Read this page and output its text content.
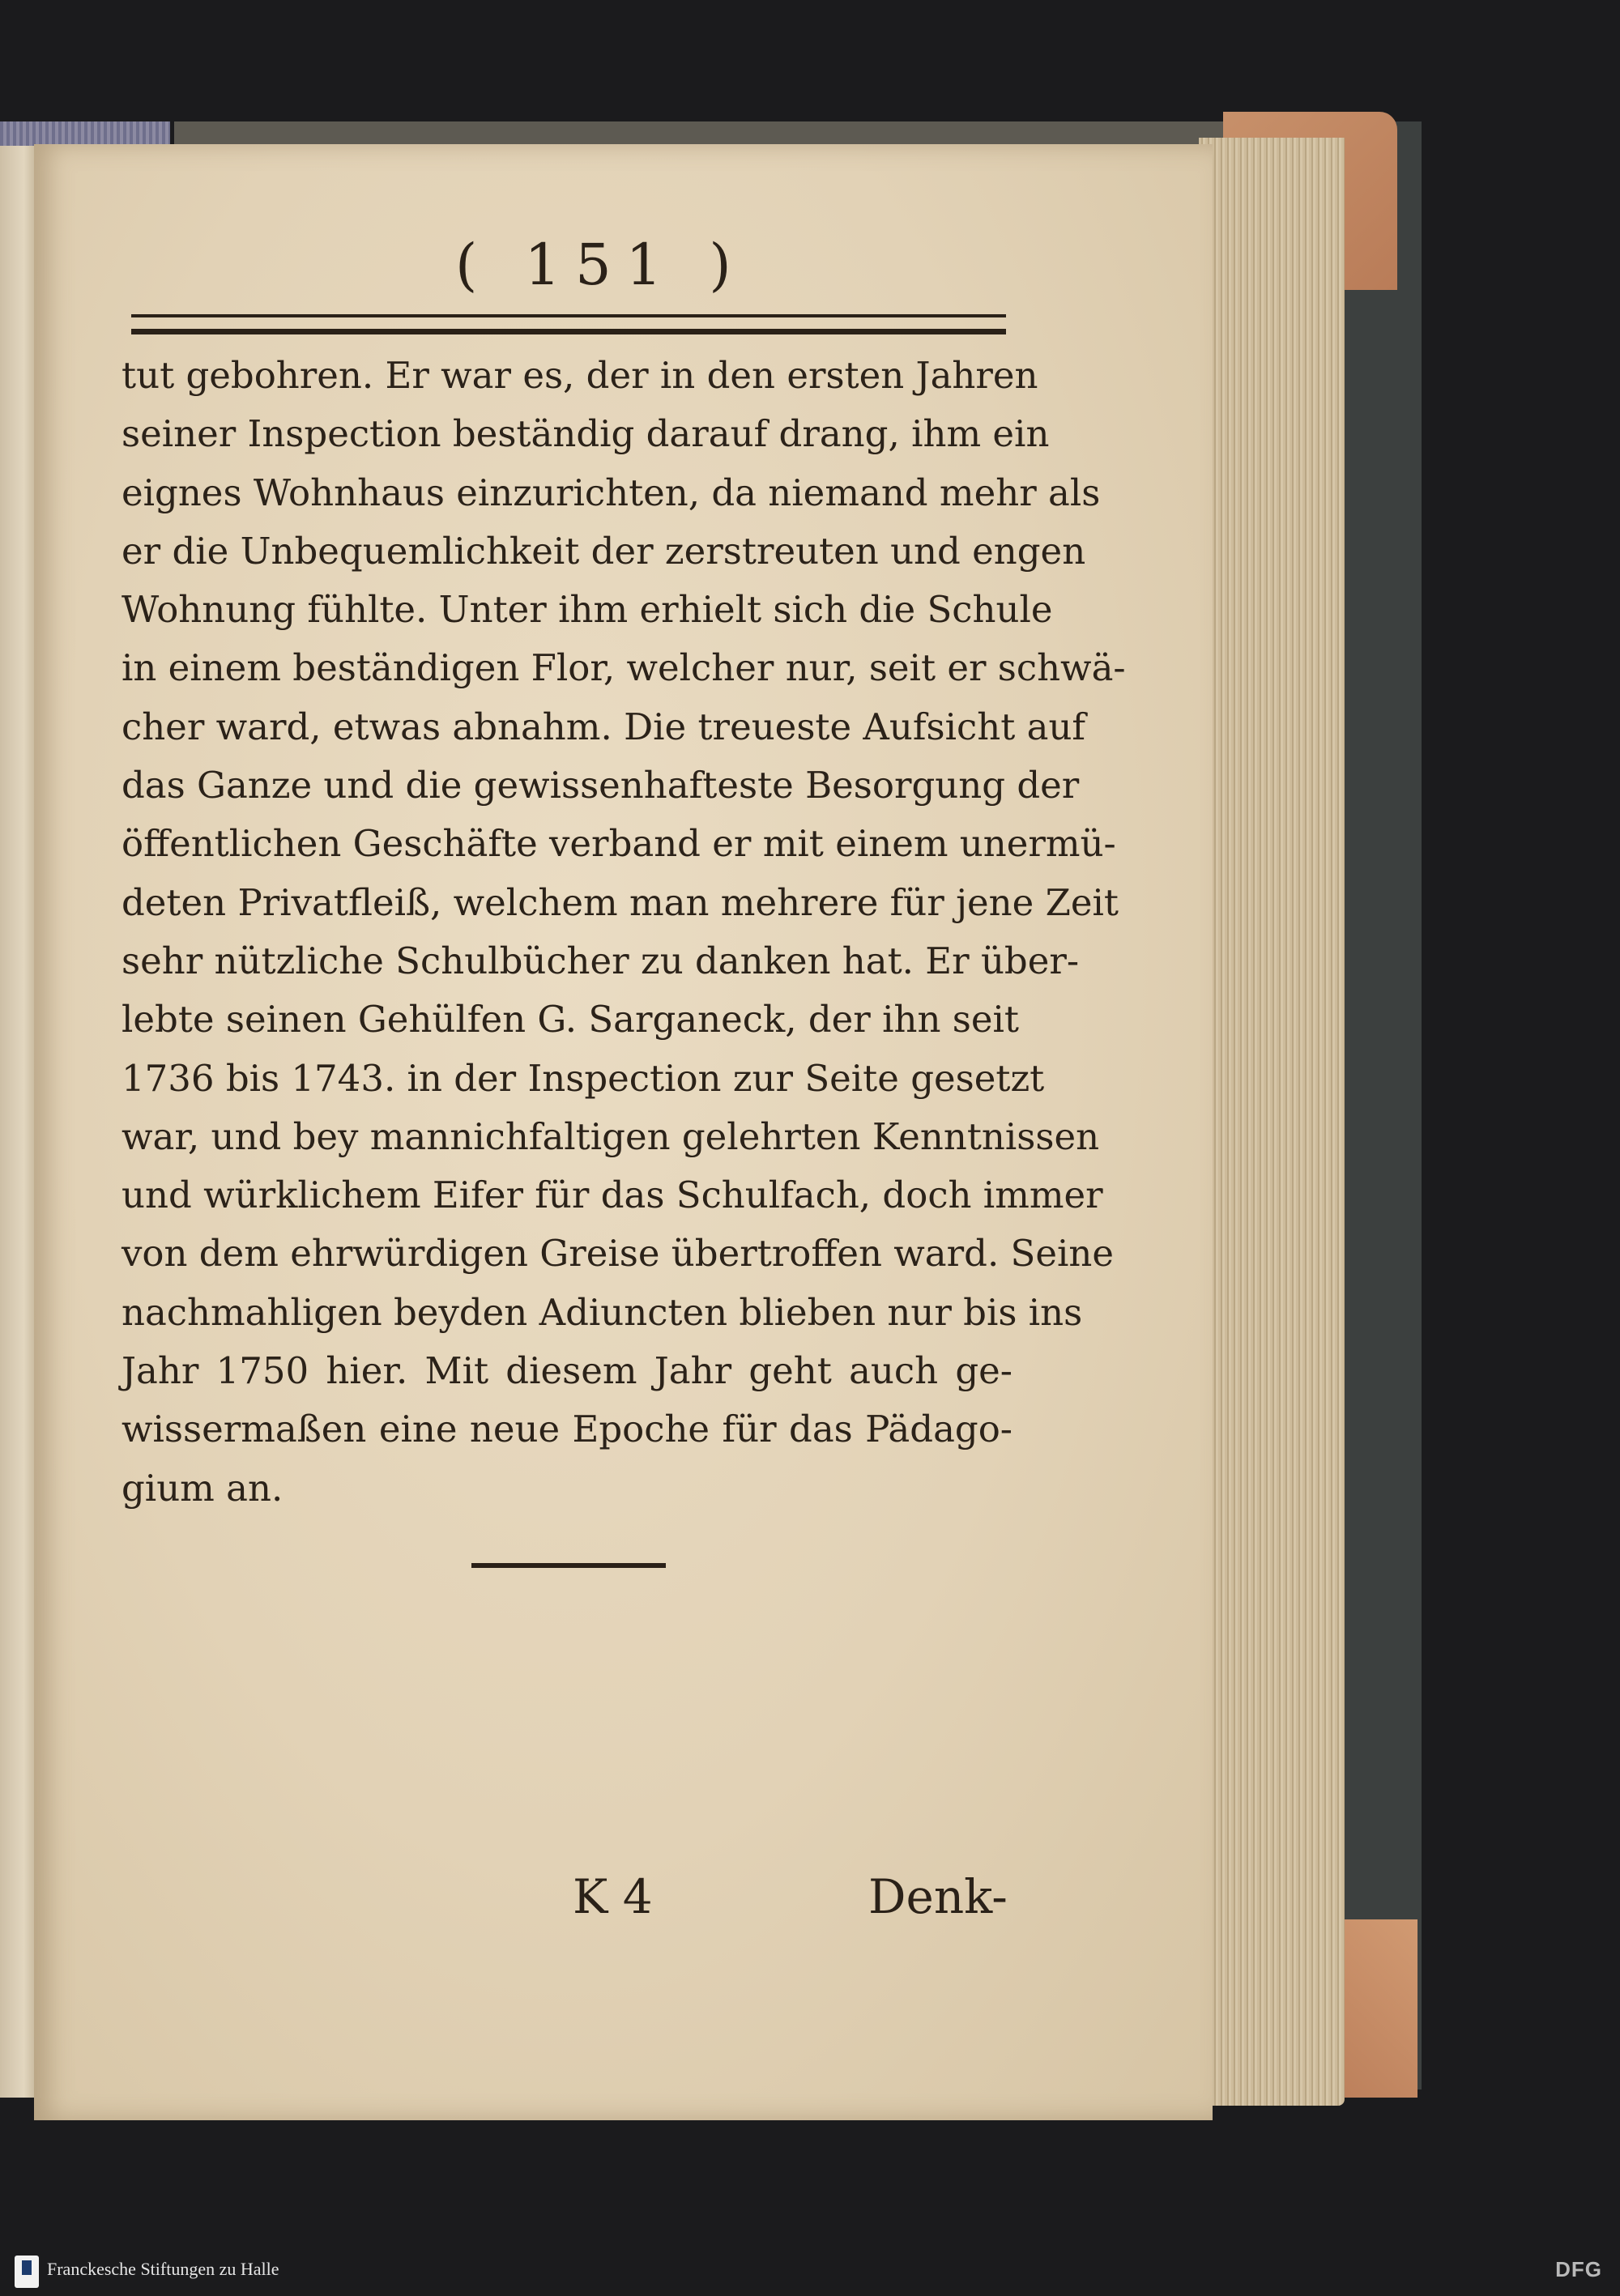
( 151 )
tut gebohren. Er war es, der in den ersten Jahren
seiner Inspection beständig darauf drang, ihm ein
eignes Wohnhaus einzurichten, da niemand mehr als
er die Unbequemlichkeit der zerstreuten und engen
Wohnung fühlte. Unter ihm erhielt sich die Schule
in einem beständigen Flor, welcher nur, seit er schwä-
cher ward, etwas abnahm. Die treueste Aufsicht auf
das Ganze und die gewissenhafteste Besorgung der
öffentlichen Geschäfte verband er mit einem unermü-
deten Privatfleiß, welchem man mehrere für jene Zeit
sehr nützliche Schulbücher zu danken hat. Er über-
lebte seinen Gehülfen G. Sarganeck, der ihn seit
1736 bis 1743. in der Inspection zur Seite gesetzt
war, und bey mannichfaltigen gelehrten Kenntnissen
und würklichem Eifer für das Schulfach, doch immer
von dem ehrwürdigen Greise übertroffen ward. Seine
nachmahligen beyden Adiuncten blieben nur bis ins
Jahr 1750 hier. Mit diesem Jahr geht auch ge-
wissermaßen eine neue Epoche für das Pädago-
gium an.
K 4	Denk-
Franckesche Stiftungen zu Halle	DFG
